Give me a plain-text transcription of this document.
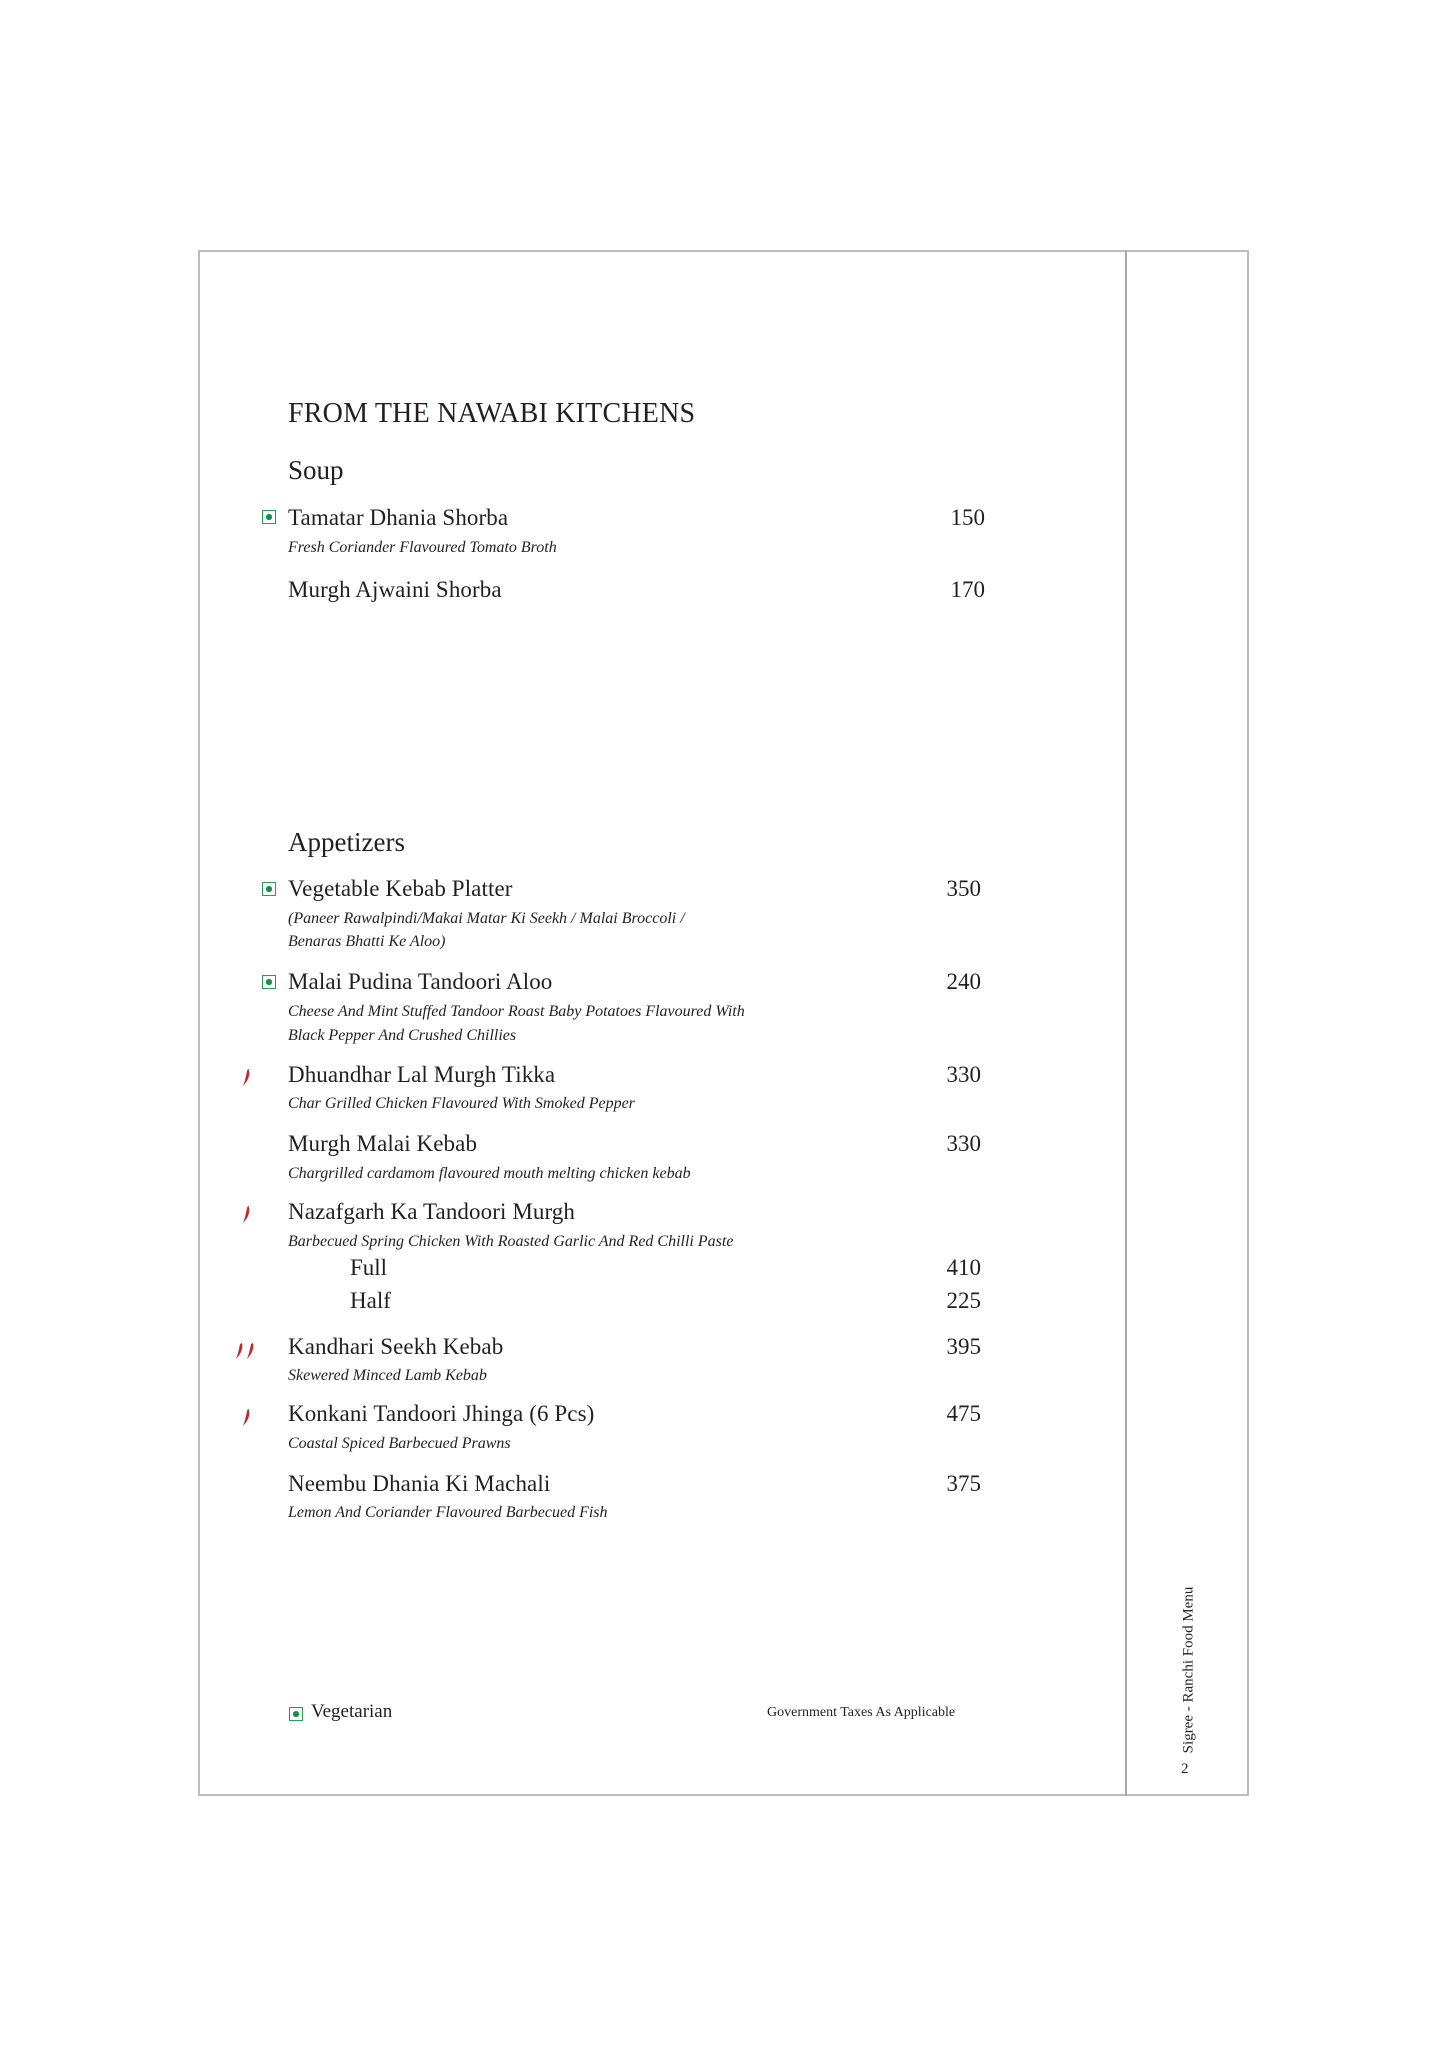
FROM THE NAWABI KITCHENS
Soup
Tamatar Dhania Shorba	150
Fresh Coriander Flavoured Tomato Broth
Murgh Ajwaini Shorba	170
Appetizers
Vegetable Kebab Platter	350
(Paneer Rawalpindi/Makai Matar Ki Seekh / Malai Broccoli /
Benaras Bhatti Ke Aloo)
Malai Pudina Tandoori Aloo	240
Cheese And Mint Stuffed Tandoor Roast Baby Potatoes Flavoured With
Black Pepper And Crushed Chillies
Dhuandhar Lal Murgh Tikka	330
Char Grilled Chicken Flavoured With Smoked Pepper
Murgh Malai Kebab	330
Chargrilled cardamom flavoured mouth melting chicken kebab
Nazafgarh Ka Tandoori Murgh
Barbecued Spring Chicken With Roasted Garlic And Red Chilli Paste
Full	410
Half	225
Kandhari Seekh Kebab	395
Skewered Minced Lamb Kebab
Konkani Tandoori Jhinga (6 Pcs)	475
Coastal Spiced Barbecued Prawns
Neembu Dhania Ki Machali	375
Lemon And Coriander Flavoured Barbecued Fish
Vegetarian	Government Taxes As Applicable	Sigree - Ranchi Food Menu
2
